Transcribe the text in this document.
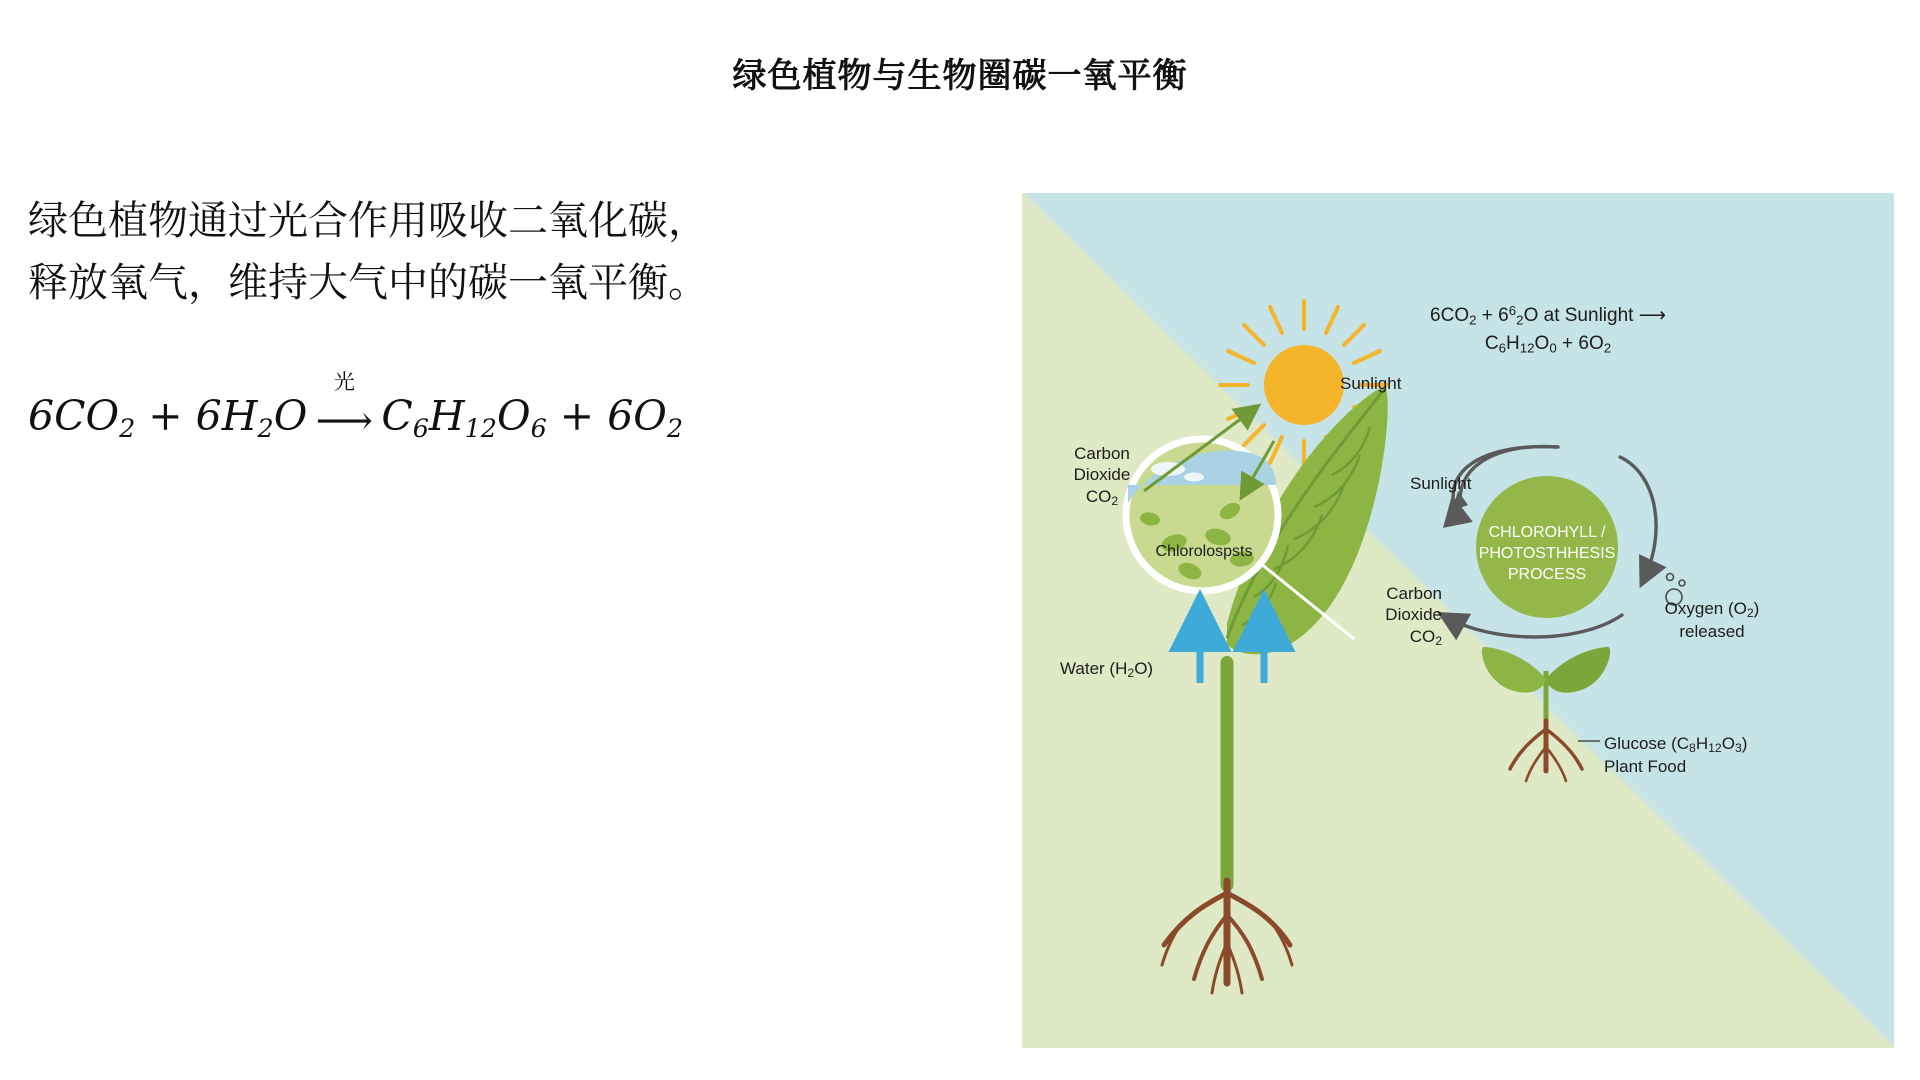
绿色植物与生物圈碳一氧平衡
绿色植物通过光合作用吸收二氧化碳，
释放氧气，维持大气中的碳一氧平衡。
$6CO_2 + 6H_2O$
光
⟶ $C_6H_{12}O_6 + 6O_2$
Sunlight
$6CO_2 + 6^6_2O$ at Sunlight ⟶
$C_6H_{12}O_0 + 6O_2$
Carbon
Dioxide
$CO_2$
Chlorolospsts
Water $(H_2O)$
Sunlight
CHLOROHYLL /
PHOTOSTHHESIS
PROCESS
Carbon
Dioxide
$CO_2$
Oxygen $(O_2)$
released
Glucose $(C_8H_{12}O_3)$
Plant Food
